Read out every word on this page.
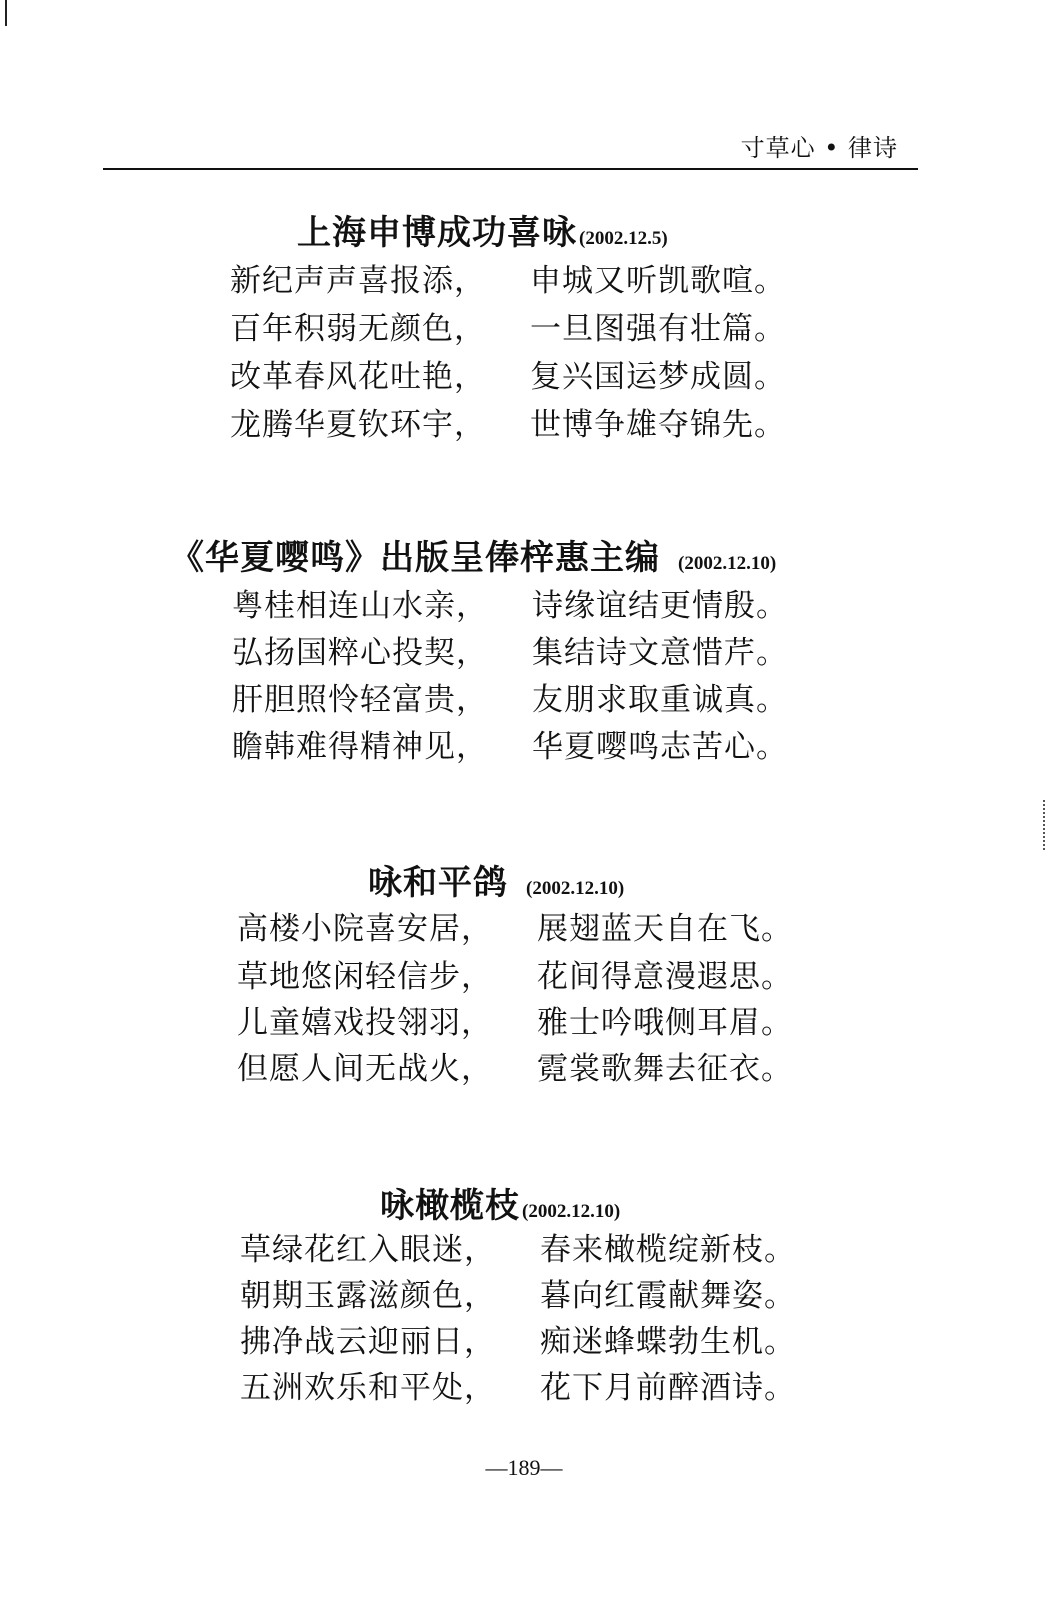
寸草心 • 律诗
上海申博成功喜咏 (2002.12.5)
新纪声声喜报添， 申城又听凯歌喧。
百年积弱无颜色， 一旦图强有壮篇。
改革春风花吐艳， 复兴国运梦成圆。
龙腾华夏钦环宇， 世博争雄夺锦先。
《华夏嘤鸣》出版呈俸梓惠主编 (2002.12.10)
粤桂相连山水亲， 诗缘谊结更情殷。
弘扬国粹心投契， 集结诗文意惜芹。
肝胆照怜轻富贵， 友朋求取重诚真。
瞻韩难得精神见， 华夏嘤鸣志苦心。
咏和平鸽 (2002.12.10)
高楼小院喜安居， 展翅蓝天自在飞。
草地悠闲轻信步， 花间得意漫遐思。
儿童嬉戏投翎羽， 雅士吟哦侧耳眉。
但愿人间无战火， 霓裳歌舞去征衣。
咏橄榄枝 (2002.12.10)
草绿花红入眼迷， 春来橄榄绽新枝。
朝期玉露滋颜色， 暮向红霞献舞姿。
拂净战云迎丽日， 痴迷蜂蝶勃生机。
五洲欢乐和平处， 花下月前醉酒诗。
—189—
